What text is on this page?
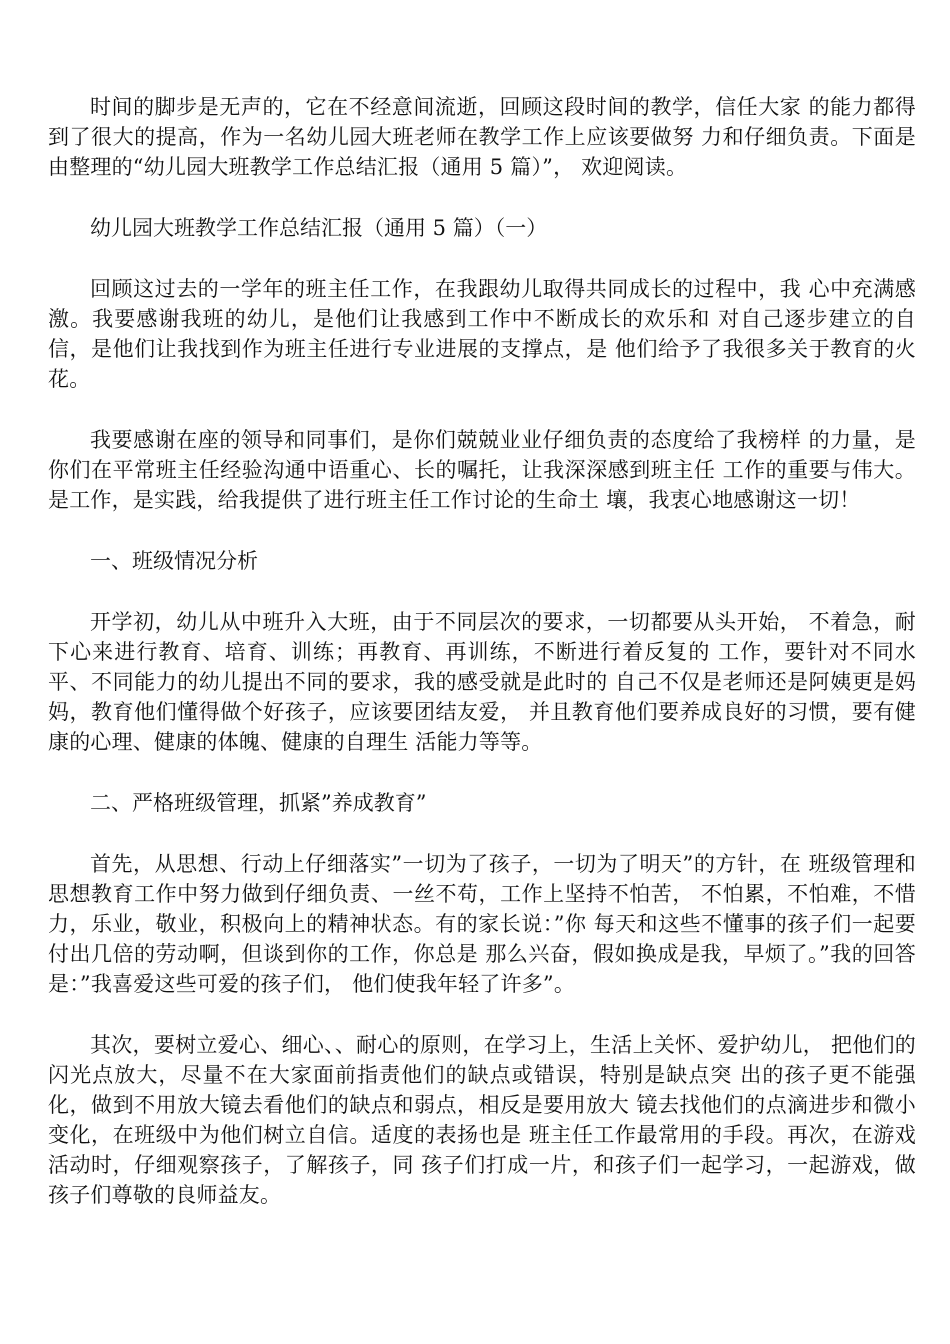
时间的脚步是无声的，它在不经意间流逝，回顾这段时间的教学，信任大家 的能力都得到了很大的提高，作为一名幼儿园大班老师在教学工作上应该要做努 力和仔细负责。下面是由整理的“幼儿园大班教学工作总结汇报（通用 5 篇）”， 欢迎阅读。

幼儿园大班教学工作总结汇报（通用 5 篇）（一）

回顾这过去的一学年的班主任工作，在我跟幼儿取得共同成长的过程中，我 心中充满感激。我要感谢我班的幼儿，是他们让我感到工作中不断成长的欢乐和 对自己逐步建立的自信，是他们让我找到作为班主任进行专业进展的支撑点，是 他们给予了我很多关于教育的火花。

我要感谢在座的领导和同事们，是你们兢兢业业仔细负责的态度给了我榜样 的力量，是你们在平常班主任经验沟通中语重心、长的嘱托，让我深深感到班主任 工作的重要与伟大。是工作，是实践，给我提供了进行班主任工作讨论的生命土 壤，我衷心地感谢这一切！

一、班级情况分析

开学初，幼儿从中班升入大班，由于不同层次的要求，一切都要从头开始， 不着急，耐下心来进行教育、培育、训练；再教育、再训练，不断进行着反复的 工作，要针对不同水平、不同能力的幼儿提出不同的要求，我的感受就是此时的 自己不仅是老师还是阿姨更是妈妈，教育他们懂得做个好孩子，应该要团结友爱， 并且教育他们要养成良好的习惯，要有健康的心理、健康的体魄、健康的自理生 活能力等等。

二、严格班级管理，抓紧”养成教育”

首先，从思想、行动上仔细落实”一切为了孩子，一切为了明天”的方针，在 班级管理和思想教育工作中努力做到仔细负责、一丝不苟，工作上坚持不怕苦， 不怕累，不怕难，不惜力，乐业，敬业，积极向上的精神状态。有的家长说：”你 每天和这些不懂事的孩子们一起要付出几倍的劳动啊，但谈到你的工作，你总是 那么兴奋，假如换成是我，早烦了。”我的回答是：”我喜爱这些可爱的孩子们， 他们使我年轻了许多”。

其次，要树立爱心、细心、、耐心的原则，在学习上，生活上关怀、爱护幼儿， 把他们的闪光点放大，尽量不在大家面前指责他们的缺点或错误，特别是缺点突 出的孩子更不能强化，做到不用放大镜去看他们的缺点和弱点，相反是要用放大 镜去找他们的点滴进步和微小变化，在班级中为他们树立自信。适度的表扬也是 班主任工作最常用的手段。再次，在游戏活动时，仔细观察孩子，了解孩子，同 孩子们打成一片，和孩子们一起学习，一起游戏，做孩子们尊敬的良师益友。
